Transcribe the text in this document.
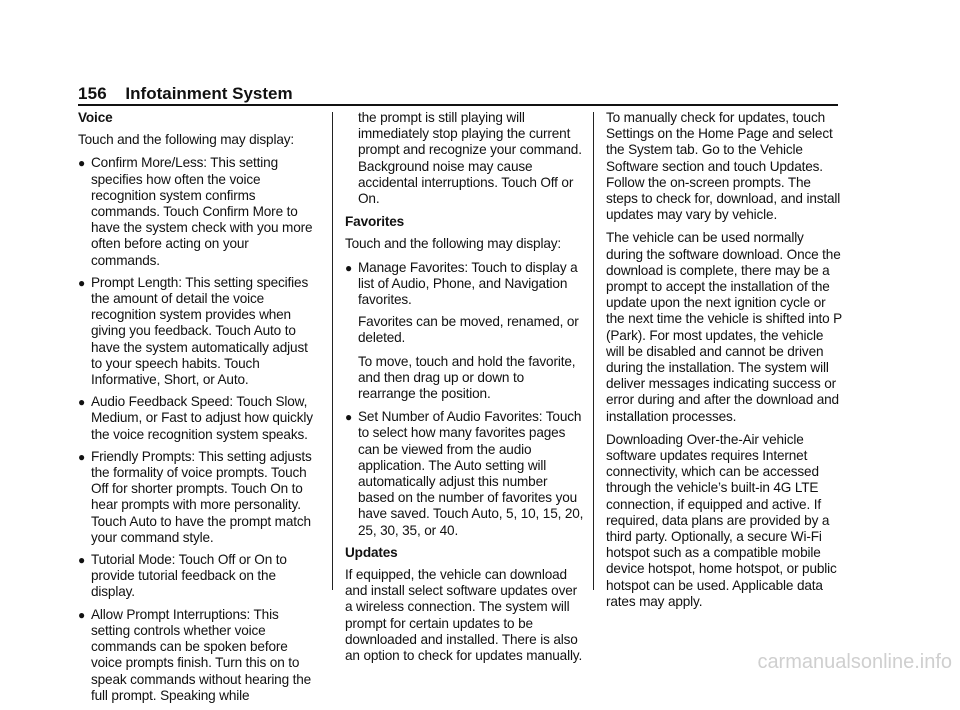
156 Infotainment System

Voice

Touch and the following may display:

● Confirm More/Less: This setting specifies how often the voice recognition system confirms commands. Touch Confirm More to have the system check with you more often before acting on your commands.
● Prompt Length: This setting specifies the amount of detail the voice recognition system provides when giving you feedback. Touch Auto to have the system automatically adjust to your speech habits. Touch Informative, Short, or Auto.
● Audio Feedback Speed: Touch Slow, Medium, or Fast to adjust how quickly the voice recognition system speaks.
● Friendly Prompts: This setting adjusts the formality of voice prompts. Touch Off for shorter prompts. Touch On to hear prompts with more personality. Touch Auto to have the prompt match your command style.
● Tutorial Mode: Touch Off or On to provide tutorial feedback on the display.
● Allow Prompt Interruptions: This setting controls whether voice commands can be spoken before voice prompts finish. Turn this on to speak commands without hearing the full prompt. Speaking while

the prompt is still playing will immediately stop playing the current prompt and recognize your command. Background noise may cause accidental interruptions. Touch Off or On.

Favorites

Touch and the following may display:

● Manage Favorites: Touch to display a list of Audio, Phone, and Navigation favorites.

Favorites can be moved, renamed, or deleted.

To move, touch and hold the favorite, and then drag up or down to rearrange the position.

● Set Number of Audio Favorites: Touch to select how many favorites pages can be viewed from the audio application. The Auto setting will automatically adjust this number based on the number of favorites you have saved. Touch Auto, 5, 10, 15, 20, 25, 30, 35, or 40.

Updates

If equipped, the vehicle can download and install select software updates over a wireless connection. The system will prompt for certain updates to be downloaded and installed. There is also an option to check for updates manually.

To manually check for updates, touch Settings on the Home Page and select the System tab. Go to the Vehicle Software section and touch Updates. Follow the on-screen prompts. The steps to check for, download, and install updates may vary by vehicle.

The vehicle can be used normally during the software download. Once the download is complete, there may be a prompt to accept the installation of the update upon the next ignition cycle or the next time the vehicle is shifted into P (Park). For most updates, the vehicle will be disabled and cannot be driven during the installation. The system will deliver messages indicating success or error during and after the download and installation processes.

Downloading Over-the-Air vehicle software updates requires Internet connectivity, which can be accessed through the vehicle’s built-in 4G LTE connection, if equipped and active. If required, data plans are provided by a third party. Optionally, a secure Wi-Fi hotspot such as a compatible mobile device hotspot, home hotspot, or public hotspot can be used. Applicable data rates may apply.

carmanualsonline.info
